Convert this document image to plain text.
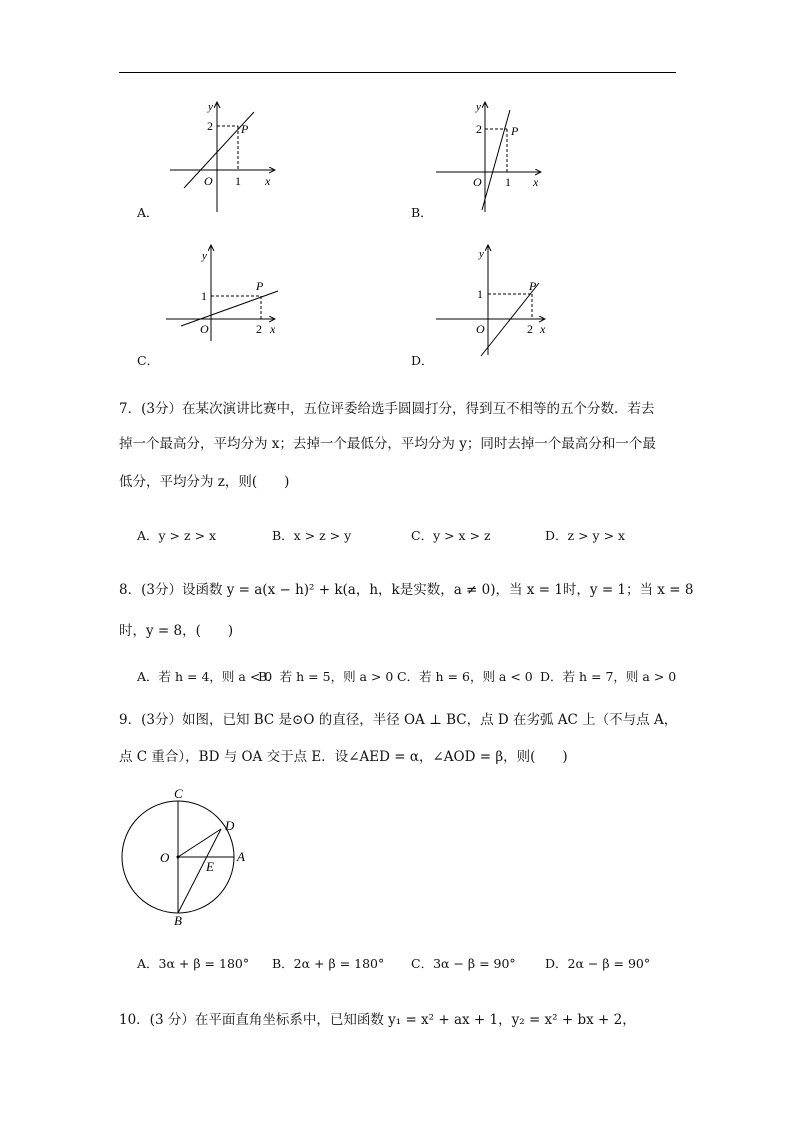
y
2 P
O 1 x
A．
y
2 P
O 1 x
B．
y
1
P
O	2 x
C．
y
1
P
O	2 x
D．
7．(3分）在某次演讲比赛中，五位评委给选手圆圆打分，得到互不相等的五个分数．若去
掉一个最高分，平均分为 x；去掉一个最低分，平均分为 y；同时去掉一个最高分和一个最
低分，平均分为 z，则(　　)
A．y > z > x	B．x > z > y	C．y > x > z	D．z > y > x
8．(3分）设函数 y = a(x − h)² + k(a，h，k是实数，a ≠ 0)，当 x = 1时，y = 1；当 x = 8
时，y = 8，(　　)
A．若 h = 4，则 a < 0
B．若 h = 5，则 a > 0 C．若 h = 6，则 a < 0 D．若 h = 7，则 a > 0
9．(3分）如图，已知 BC 是⊙O 的直径，半径 OA ⊥ BC，点 D 在劣弧 AC 上（不与点 A，
点 C 重合），BD 与 OA 交于点 E．设∠AED = α，∠AOD = β，则(　　)
C
D
O	A
E
B
A．3α + β = 180° B．2α + β = 180° C．3α − β = 90° D．2α − β = 90°
10．(3 分）在平面直角坐标系中，已知函数 y₁ = x² + ax + 1，y₂ = x² + bx + 2，
